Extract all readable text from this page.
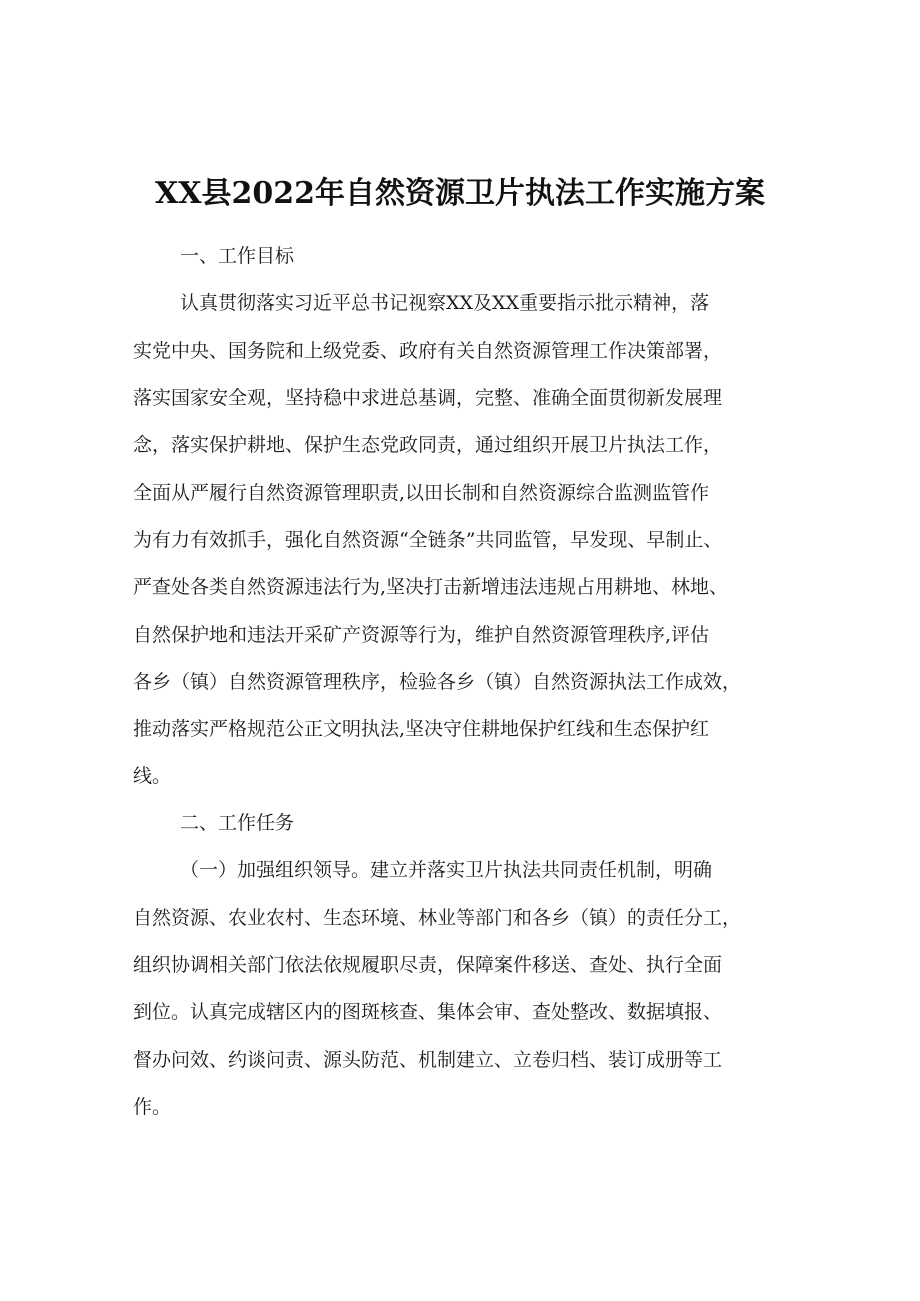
XX县2022年自然资源卫片执法工作实施方案

一、工作目标

认真贯彻落实习近平总书记视察XX及XX重要指示批示精神，落

实党中央、国务院和上级党委、政府有关自然资源管理工作决策部署，

落实国家安全观，坚持稳中求进总基调，完整、准确全面贯彻新发展理

念，落实保护耕地、保护生态党政同责，通过组织开展卫片执法工作，

全面从严履行自然资源管理职责,以田长制和自然资源综合监测监管作

为有力有效抓手，强化自然资源“全链条”共同监管，早发现、早制止、

严查处各类自然资源违法行为,坚决打击新增违法违规占用耕地、林地、

自然保护地和违法开采矿产资源等行为，维护自然资源管理秩序,评估

各乡（镇）自然资源管理秩序，检验各乡（镇）自然资源执法工作成效，

推动落实严格规范公正文明执法,坚决守住耕地保护红线和生态保护红

线。

二、工作任务

（一）加强组织领导。建立并落实卫片执法共同责任机制，明确

自然资源、农业农村、生态环境、林业等部门和各乡（镇）的责任分工，

组织协调相关部门依法依规履职尽责，保障案件移送、查处、执行全面

到位。认真完成辖区内的图斑核查、集体会审、查处整改、数据填报、

督办问效、约谈问责、源头防范、机制建立、立卷归档、装订成册等工

作。
